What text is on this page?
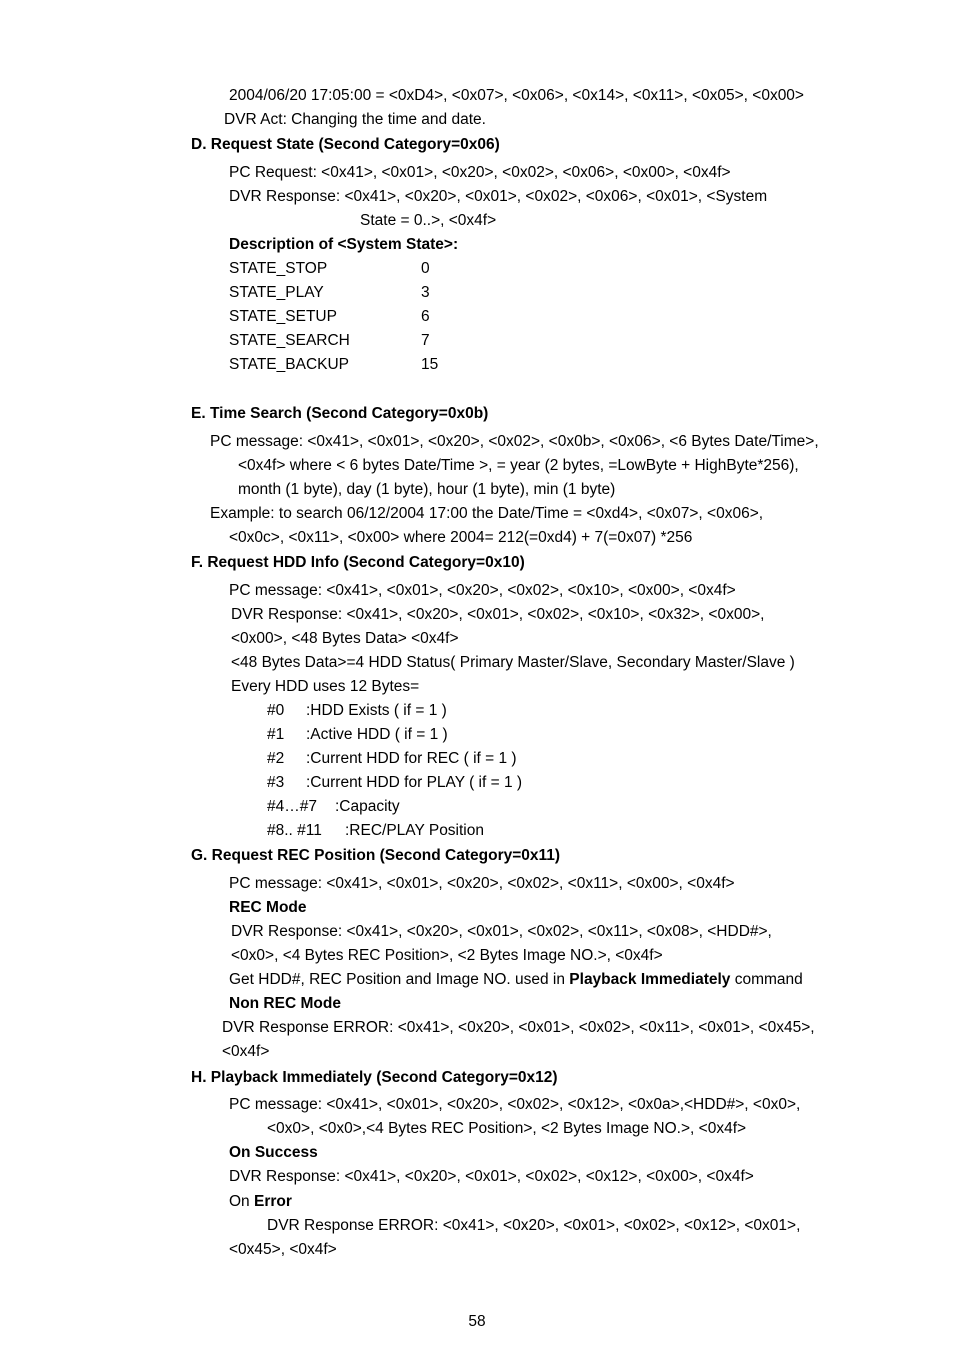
2004/06/20 17:05:00 = <0xD4>, <0x07>, <0x06>, <0x14>, <0x11>, <0x05>, <0x00>
DVR Act: Changing the time and date.
D. Request State (Second Category=0x06)
PC Request: <0x41>, <0x01>, <0x20>, <0x02>, <0x06>, <0x00>, <0x4f>
DVR Response: <0x41>, <0x20>, <0x01>, <0x02>, <0x06>, <0x01>, <System
State = 0..>, <0x4f>
Description of <System State>:
STATE_STOP	0
STATE_PLAY	3
STATE_SETUP	6
STATE_SEARCH	7
STATE_BACKUP	15
E. Time Search (Second Category=0x0b)
PC message: <0x41>, <0x01>, <0x20>, <0x02>, <0x0b>, <0x06>, <6 Bytes Date/Time>,
<0x4f> where < 6 bytes Date/Time >, = year (2 bytes, =LowByte + HighByte*256),
month (1 byte), day (1 byte), hour (1 byte), min (1 byte)
Example: to search 06/12/2004 17:00 the Date/Time = <0xd4>, <0x07>, <0x06>,
<0x0c>, <0x11>, <0x00> where 2004= 212(=0xd4) + 7(=0x07) *256
F. Request HDD Info (Second Category=0x10)
PC message: <0x41>, <0x01>, <0x20>, <0x02>, <0x10>, <0x00>, <0x4f>
DVR Response: <0x41>, <0x20>, <0x01>, <0x02>, <0x10>, <0x32>, <0x00>,
<0x00>, <48 Bytes Data> <0x4f>
<48 Bytes Data>=4 HDD Status( Primary Master/Slave, Secondary Master/Slave )
Every HDD uses 12 Bytes=
#0 :HDD Exists ( if = 1 )
#1 :Active HDD ( if = 1 )
#2 :Current HDD for REC ( if = 1 )
#3 :Current HDD for PLAY ( if = 1 )
#4…#7 :Capacity
#8.. #11 :REC/PLAY Position
G. Request REC Position (Second Category=0x11)
PC message: <0x41>, <0x01>, <0x20>, <0x02>, <0x11>, <0x00>, <0x4f>
REC Mode
DVR Response: <0x41>, <0x20>, <0x01>, <0x02>, <0x11>, <0x08>, <HDD#>,
<0x0>, <4 Bytes REC Position>, <2 Bytes Image NO.>, <0x4f>
Get HDD#, REC Position and Image NO. used in Playback Immediately command
Non REC Mode
DVR Response ERROR: <0x41>, <0x20>, <0x01>, <0x02>, <0x11>, <0x01>, <0x45>,
<0x4f>
H. Playback Immediately (Second Category=0x12)
PC message: <0x41>, <0x01>, <0x20>, <0x02>, <0x12>, <0x0a>,<HDD#>, <0x0>,
<0x0>, <0x0>,<4 Bytes REC Position>, <2 Bytes Image NO.>, <0x4f>
On Success
DVR Response: <0x41>, <0x20>, <0x01>, <0x02>, <0x12>, <0x00>, <0x4f>
On Error
DVR Response ERROR: <0x41>, <0x20>, <0x01>, <0x02>, <0x12>, <0x01>,
<0x45>, <0x4f>
58
